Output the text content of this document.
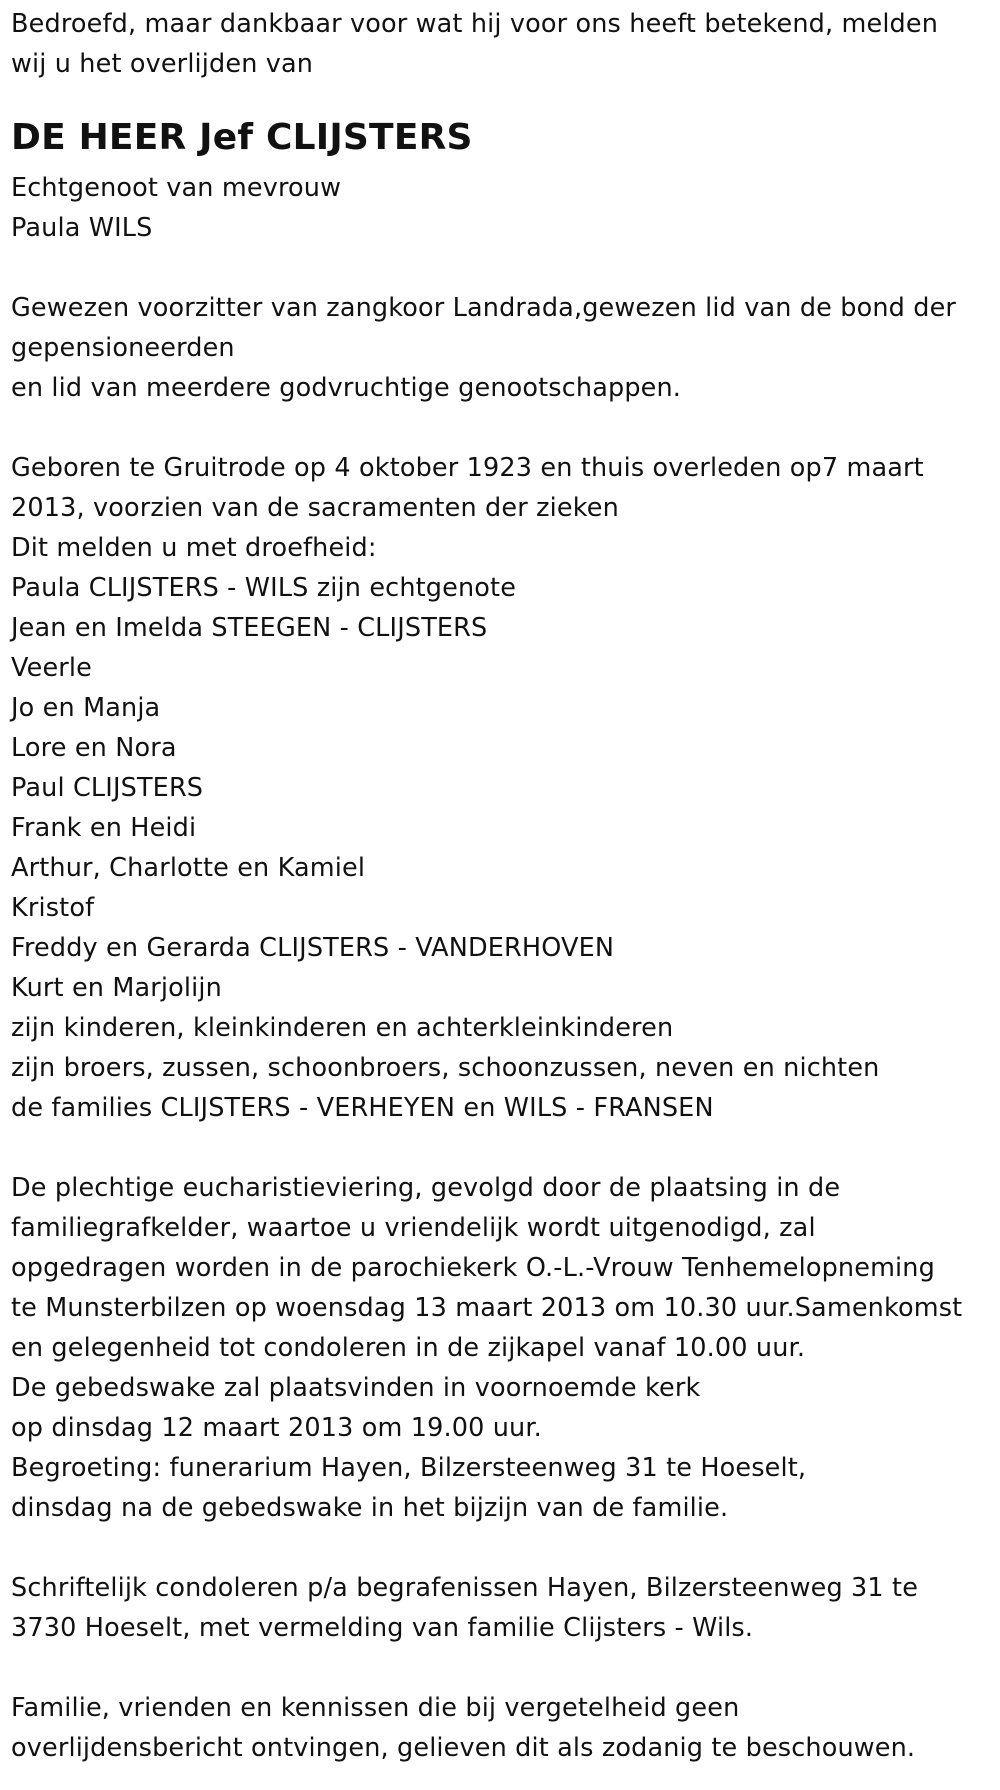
Bedroefd, maar dankbaar voor wat hij voor ons heeft betekend, melden
wij u het overlijden van
DE HEER Jef CLIJSTERS
Echtgenoot van mevrouw
Paula WILS
Gewezen voorzitter van zangkoor Landrada,gewezen lid van de bond der
gepensioneerden
en lid van meerdere godvruchtige genootschappen.
Geboren te Gruitrode op 4 oktober 1923 en thuis overleden op7 maart
2013, voorzien van de sacramenten der zieken
Dit melden u met droefheid:
Paula CLIJSTERS - WILS zijn echtgenote
Jean en Imelda STEEGEN - CLIJSTERS
Veerle
Jo en Manja
Lore en Nora
Paul CLIJSTERS
Frank en Heidi
Arthur, Charlotte en Kamiel
Kristof
Freddy en Gerarda CLIJSTERS - VANDERHOVEN
Kurt en Marjolijn
zijn kinderen, kleinkinderen en achterkleinkinderen
zijn broers, zussen, schoonbroers, schoonzussen, neven en nichten
de families CLIJSTERS - VERHEYEN en WILS - FRANSEN
De plechtige eucharistieviering, gevolgd door de plaatsing in de
familiegrafkelder, waartoe u vriendelijk wordt uitgenodigd, zal
opgedragen worden in de parochiekerk O.-L.-Vrouw Tenhemelopneming
te Munsterbilzen op woensdag 13 maart 2013 om 10.30 uur.Samenkomst
en gelegenheid tot condoleren in de zijkapel vanaf 10.00 uur.
De gebedswake zal plaatsvinden in voornoemde kerk
op dinsdag 12 maart 2013 om 19.00 uur.
Begroeting: funerarium Hayen, Bilzersteenweg 31 te Hoeselt,
dinsdag na de gebedswake in het bijzijn van de familie.
Schriftelijk condoleren p/a begrafenissen Hayen, Bilzersteenweg 31 te
3730 Hoeselt, met vermelding van familie Clijsters - Wils.
Familie, vrienden en kennissen die bij vergetelheid geen
overlijdensbericht ontvingen, gelieven dit als zodanig te beschouwen.
